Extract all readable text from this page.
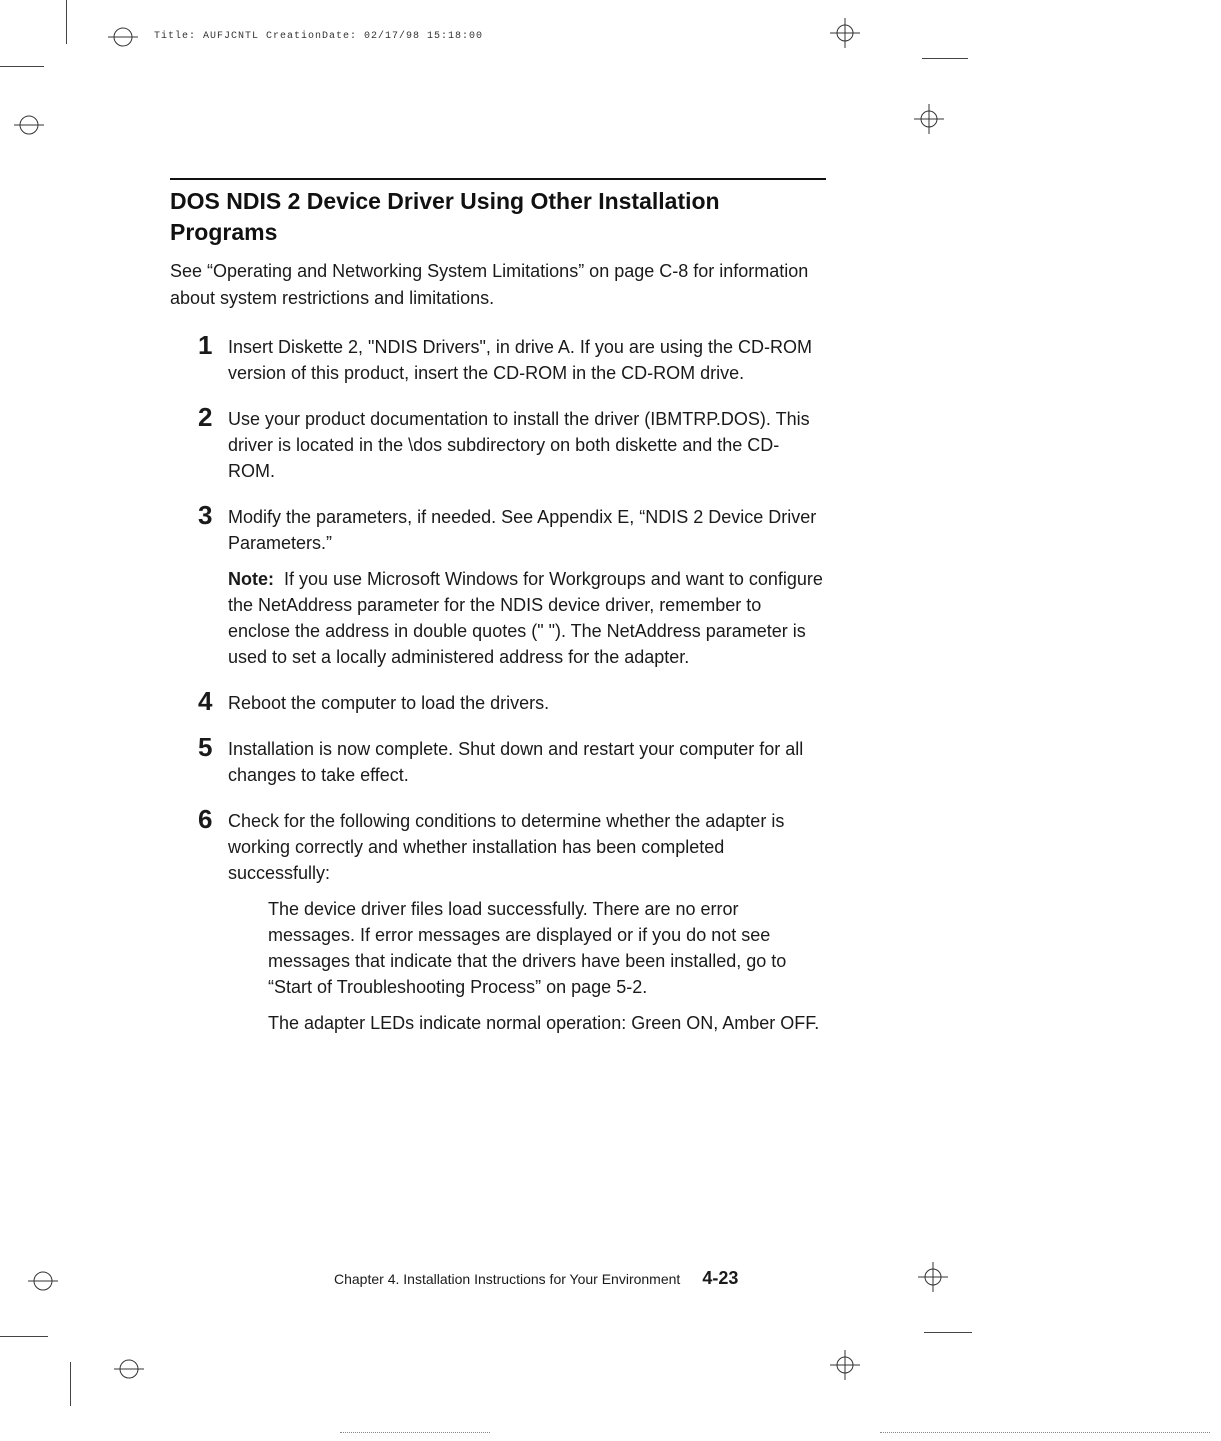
Title: AUFJCNTL CreationDate: 02/17/98 15:18:00
DOS NDIS 2 Device Driver Using Other Installation Programs

See “Operating and Networking System Limitations” on page C-8 for information about system restrictions and limitations.

1 Insert Diskette 2, "NDIS Drivers", in drive A. If you are using the CD-ROM version of this product, insert the CD-ROM in the CD-ROM drive.

2 Use your product documentation to install the driver (IBMTRP.DOS). This driver is located in the \dos subdirectory on both diskette and the CD-ROM.

3 Modify the parameters, if needed. See Appendix E, “NDIS 2 Device Driver Parameters.”

Note: If you use Microsoft Windows for Workgroups and want to configure the NetAddress parameter for the NDIS device driver, remember to enclose the address in double quotes (" "). The NetAddress parameter is used to set a locally administered address for the adapter.

4 Reboot the computer to load the drivers.

5 Installation is now complete. Shut down and restart your computer for all changes to take effect.

6 Check for the following conditions to determine whether the adapter is working correctly and whether installation has been completed successfully:

The device driver files load successfully. There are no error messages. If error messages are displayed or if you do not see messages that indicate that the drivers have been installed, go to “Start of Troubleshooting Process” on page 5-2.

The adapter LEDs indicate normal operation: Green ON, Amber OFF.

Chapter 4. Installation Instructions for Your Environment 4-23
